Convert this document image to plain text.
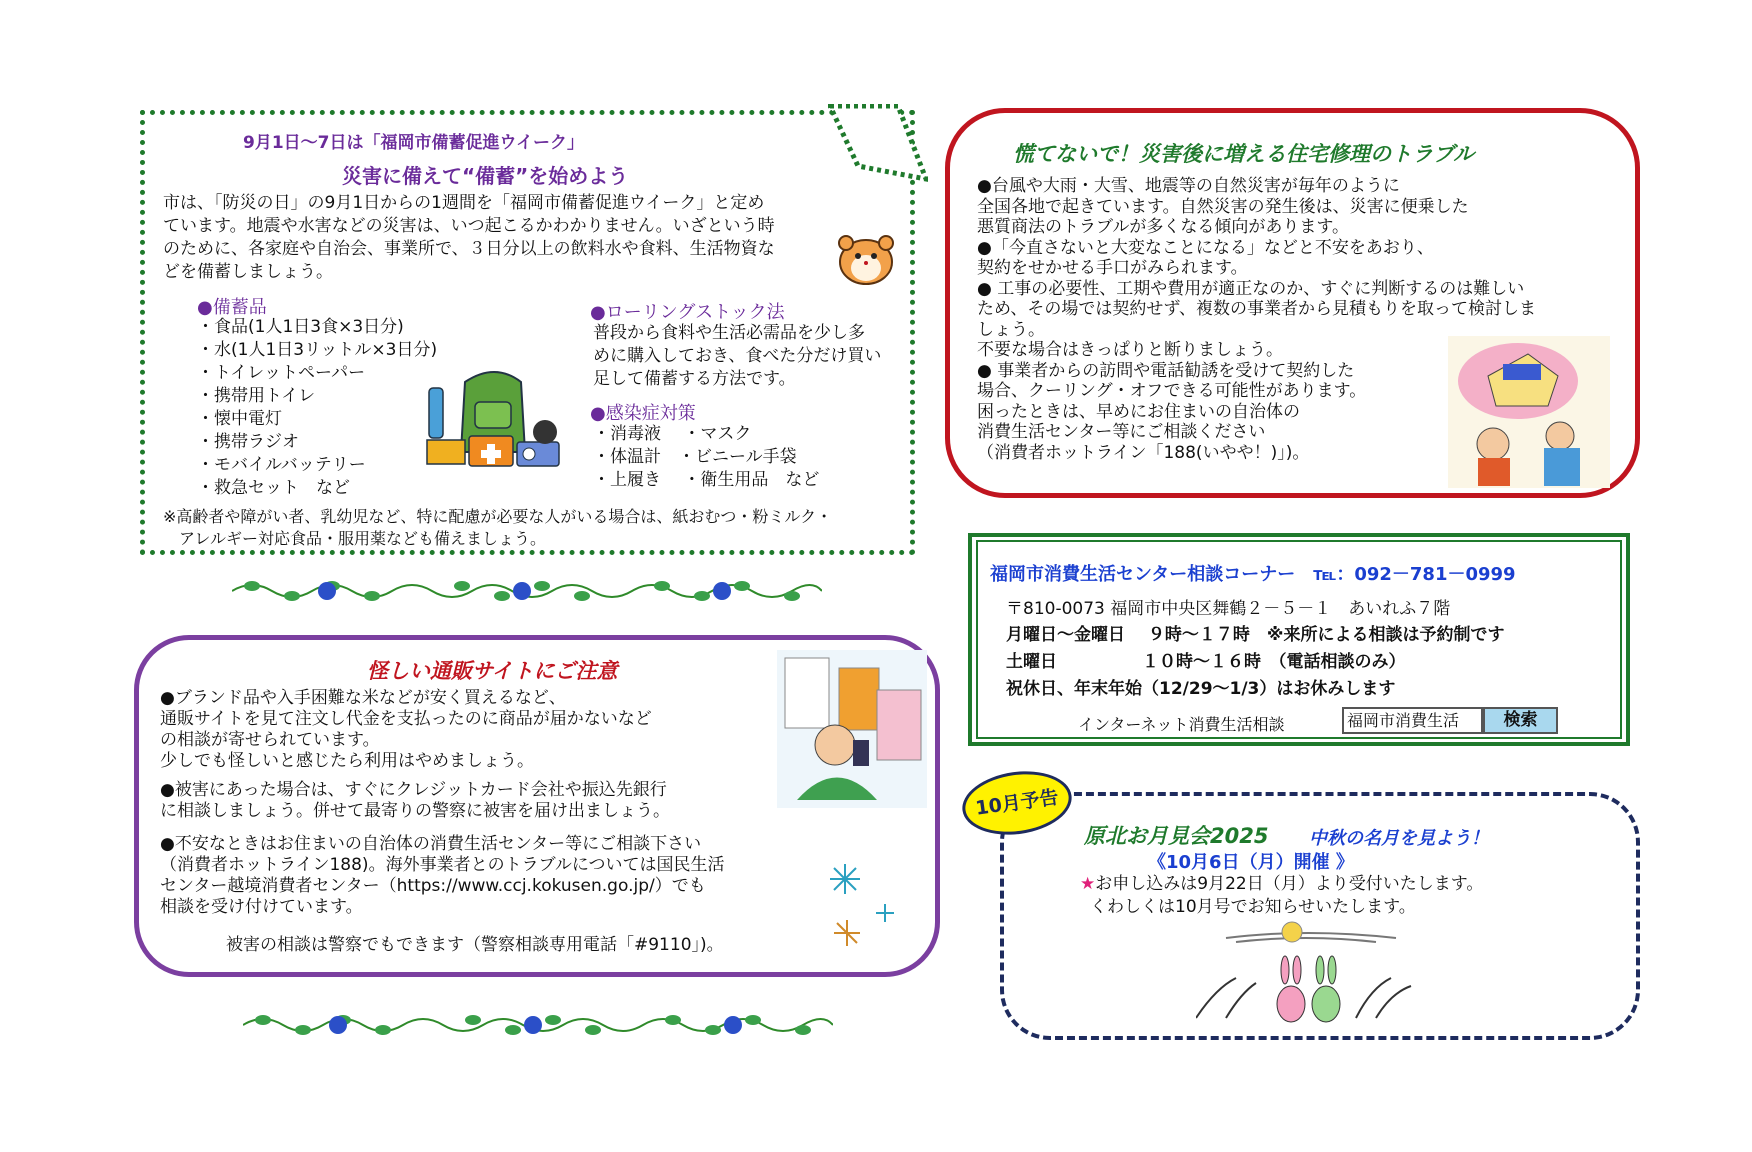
9月1日～7日は「福岡市備蓄促進ウイーク」
災害に備えて“備蓄”を始めよう
市は、「防災の日」の9月1日からの1週間を「福岡市備蓄促進ウイーク」と定め
ています。地震や水害などの災害は、いつ起こるかわかりません。いざという時
のために、各家庭や自治会、事業所で、３日分以上の飲料水や食料、生活物資な
どを備蓄しましょう。
●備蓄品
・食品(1人1日3食×3日分)
・水(1人1日3リットル×3日分)
・トイレットペーパー
・携帯用トイレ
・懐中電灯
・携帯ラジオ
・モバイルバッテリー
・救急セット　など
●ローリングストック法
普段から食料や生活必需品を少し多
めに購入しておき、食べた分だけ買い
足して備蓄する方法です。
●感染症対策
・消毒液　 ・マスク
・体温計　・ビニール手袋
・上履き　 ・衛生用品　など
※高齢者や障がい者、乳幼児など、特に配慮が必要な人がいる場合は、紙おむつ・粉ミルク・
　アレルギー対応食品・服用薬なども備えましょう。
慌てないで！災害後に増える住宅修理のトラブル
●台風や大雨・大雪、地震等の自然災害が毎年のように
全国各地で起きています。自然災害の発生後は、災害に便乗した
悪質商法のトラブルが多くなる傾向があります。
●「今直さないと大変なことになる」などと不安をあおり、
契約をせかせる手口がみられます。
● 工事の必要性、工期や費用が適正なのか、すぐに判断するのは難しい
ため、その場では契約せず、複数の事業者から見積もりを取って検討しま
しょう。
不要な場合はきっぱりと断りましょう。
● 事業者からの訪問や電話勧誘を受けて契約した
場合、クーリング・オフできる可能性があります。
困ったときは、早めにお住まいの自治体の
消費生活センター等にご相談ください
（消費者ホットライン「188(いやや！)」)。
怪しい通販サイトにご注意
●ブランド品や入手困難な米などが安く買えるなど、
通販サイトを見て注文し代金を支払ったのに商品が届かないなど
の相談が寄せられています。
少しでも怪しいと感じたら利用はやめましょう。
●被害にあった場合は、すぐにクレジットカード会社や振込先銀行
に相談しましょう。併せて最寄りの警察に被害を届け出ましょう。
●不安なときはお住まいの自治体の消費生活センター等にご相談下さい
（消費者ホットライン188)。海外事業者とのトラブルについては国民生活
センター越境消費者センター（https://www.ccj.kokusen.go.jp/）でも
相談を受け付けています。
被害の相談は警察でもできます（警察相談専用電話「#9110」)。
福岡市消費生活センター相談コーナー　℡：092－781－0999
〒810-0073 福岡市中央区舞鶴２－５－１　あいれふ７階
月曜日～金曜日　 ９時～１７時　※来所による相談は予約制です
土曜日　　　　　１０時～１６時　（電話相談のみ）
祝休日、年末年始（12/29～1/3）はお休みします
インターネット消費生活相談	福岡市消費生活	検索
10月予告
原北お月見会2025 中秋の名月を見よう！
《10月6日（月）開催 》
★お申し込みは9月22日（月）より受付いたします。
くわしくは10月号でお知らせいたします。
